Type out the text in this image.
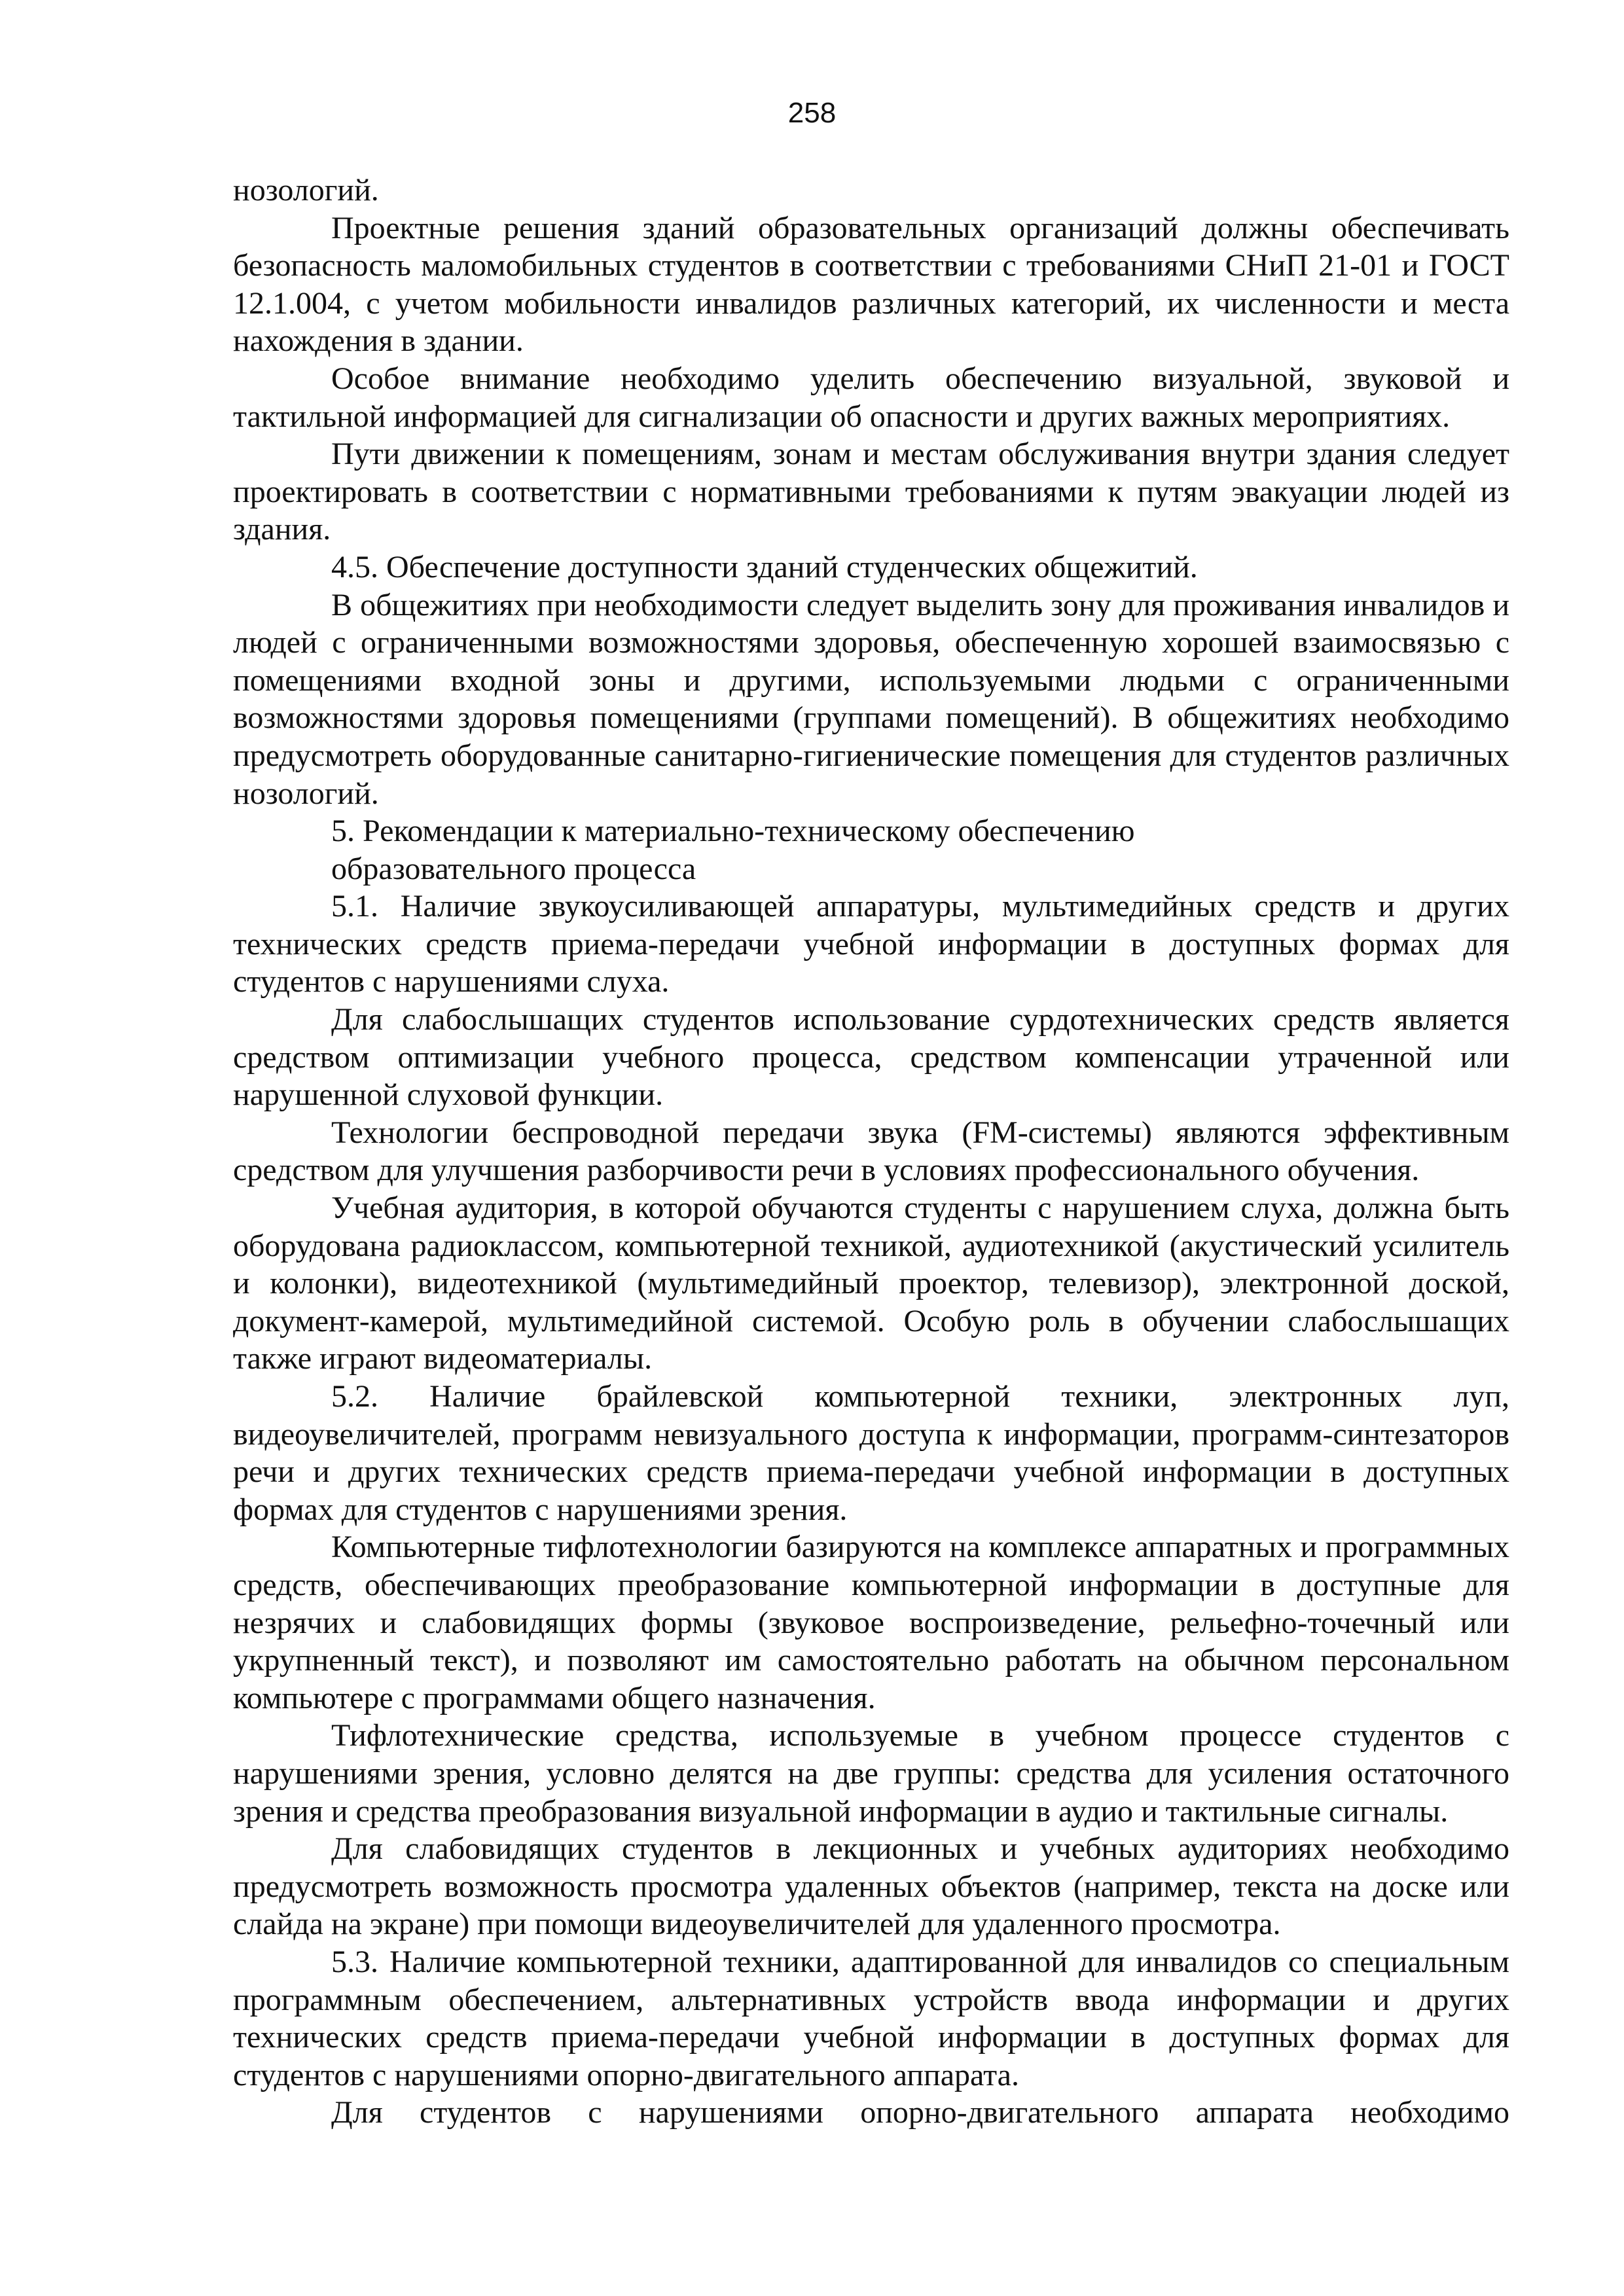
258

нозологий.

Проектные решения зданий образовательных организаций должны обеспечивать безопасность маломобильных студентов в соответствии с требованиями СНиП 21-01 и ГОСТ 12.1.004, с учетом мобильности инвалидов различных категорий, их численности и места нахождения в здании.

Особое внимание необходимо уделить обеспечению визуальной, звуковой и тактильной информацией для сигнализации об опасности и других важных мероприятиях.

Пути движении к помещениям, зонам и местам обслуживания внутри здания следует проектировать в соответствии с нормативными требованиями к путям эвакуации людей из здания.

4.5. Обеспечение доступности зданий студенческих общежитий.

В общежитиях при необходимости следует выделить зону для проживания инвалидов и людей с ограниченными возможностями здоровья, обеспеченную хорошей взаимосвязью с помещениями входной зоны и другими, используемыми людьми с ограниченными возможностями здоровья помещениями (группами помещений). В общежитиях необходимо предусмотреть оборудованные санитарно-гигиенические помещения для студентов различных нозологий.

5. Рекомендации к материально-техническому обеспечению

образовательного процесса

5.1. Наличие звукоусиливающей аппаратуры, мультимедийных средств и других технических средств приема-передачи учебной информации в доступных формах для студентов с нарушениями слуха.

Для слабослышащих студентов использование сурдотехнических средств является средством оптимизации учебного процесса, средством компенсации утраченной или нарушенной слуховой функции.

Технологии беспроводной передачи звука (FM-системы) являются эффективным средством для улучшения разборчивости речи в условиях профессионального обучения.

Учебная аудитория, в которой обучаются студенты с нарушением слуха, должна быть оборудована радиоклассом, компьютерной техникой, аудиотехникой (акустический усилитель и колонки), видеотехникой (мультимедийный проектор, телевизор), электронной доской, документ-камерой, мультимедийной системой. Особую роль в обучении слабослышащих также играют видеоматериалы.

5.2. Наличие брайлевской компьютерной техники, электронных луп, видеоувеличителей, программ невизуального доступа к информации, программ-синтезаторов речи и других технических средств приема-передачи учебной информации в доступных формах для студентов с нарушениями зрения.

Компьютерные тифлотехнологии базируются на комплексе аппаратных и программных средств, обеспечивающих преобразование компьютерной информации в доступные для незрячих и слабовидящих формы (звуковое воспроизведение, рельефно-точечный или укрупненный текст), и позволяют им самостоятельно работать на обычном персональном компьютере с программами общего назначения.

Тифлотехнические средства, используемые в учебном процессе студентов с нарушениями зрения, условно делятся на две группы: средства для усиления остаточного зрения и средства преобразования визуальной информации в аудио и тактильные сигналы.

Для слабовидящих студентов в лекционных и учебных аудиториях необходимо предусмотреть возможность просмотра удаленных объектов (например, текста на доске или слайда на экране) при помощи видеоувеличителей для удаленного просмотра.

5.3. Наличие компьютерной техники, адаптированной для инвалидов со специальным программным обеспечением, альтернативных устройств ввода информации и других технических средств приема-передачи учебной информации в доступных формах для студентов с нарушениями опорно-двигательного аппарата.

Для студентов с нарушениями опорно-двигательного аппарата необходимо
